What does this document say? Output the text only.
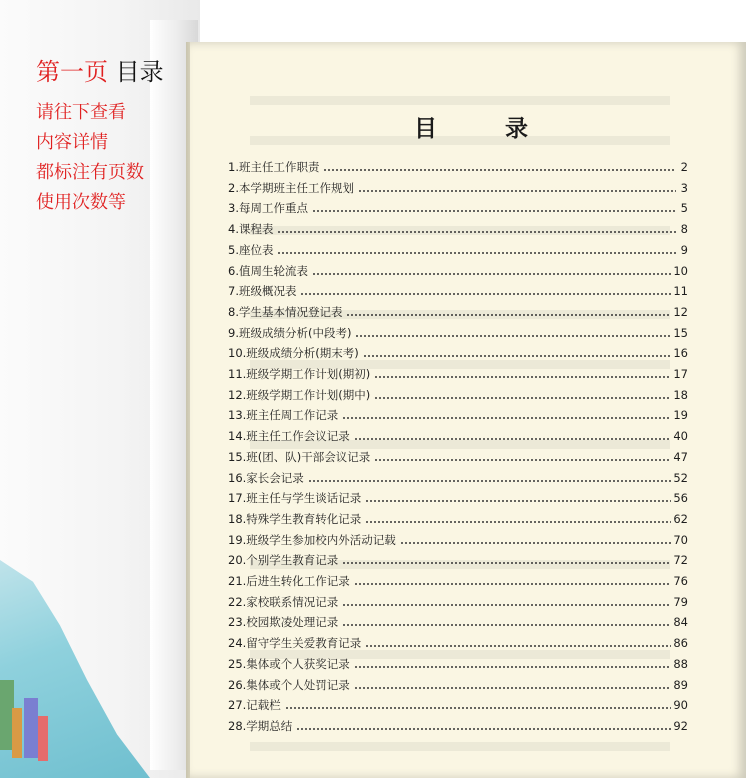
第一页 目录
请往下查看
内容详情
都标注有页数
使用次数等
目 录
1.班主任工作职责	2
2.本学期班主任工作规划	3
3.每周工作重点	5
4.课程表	8
5.座位表	9
6.值周生轮流表	10
7.班级概况表	11
8.学生基本情况登记表	12
9.班级成绩分析(中段考)	15
10.班级成绩分析(期末考)	16
11.班级学期工作计划(期初)	17
12.班级学期工作计划(期中)	18
13.班主任周工作记录	19
14.班主任工作会议记录	40
15.班(团、队)干部会议记录	47
16.家长会记录	52
17.班主任与学生谈话记录	56
18.特殊学生教育转化记录	62
19.班级学生参加校内外活动记载	70
20.个别学生教育记录	72
21.后进生转化工作记录	76
22.家校联系情况记录	79
23.校园欺凌处理记录	84
24.留守学生关爱教育记录	86
25.集体或个人获奖记录	88
26.集体或个人处罚记录	89
27.记载栏	90
28.学期总结	92
